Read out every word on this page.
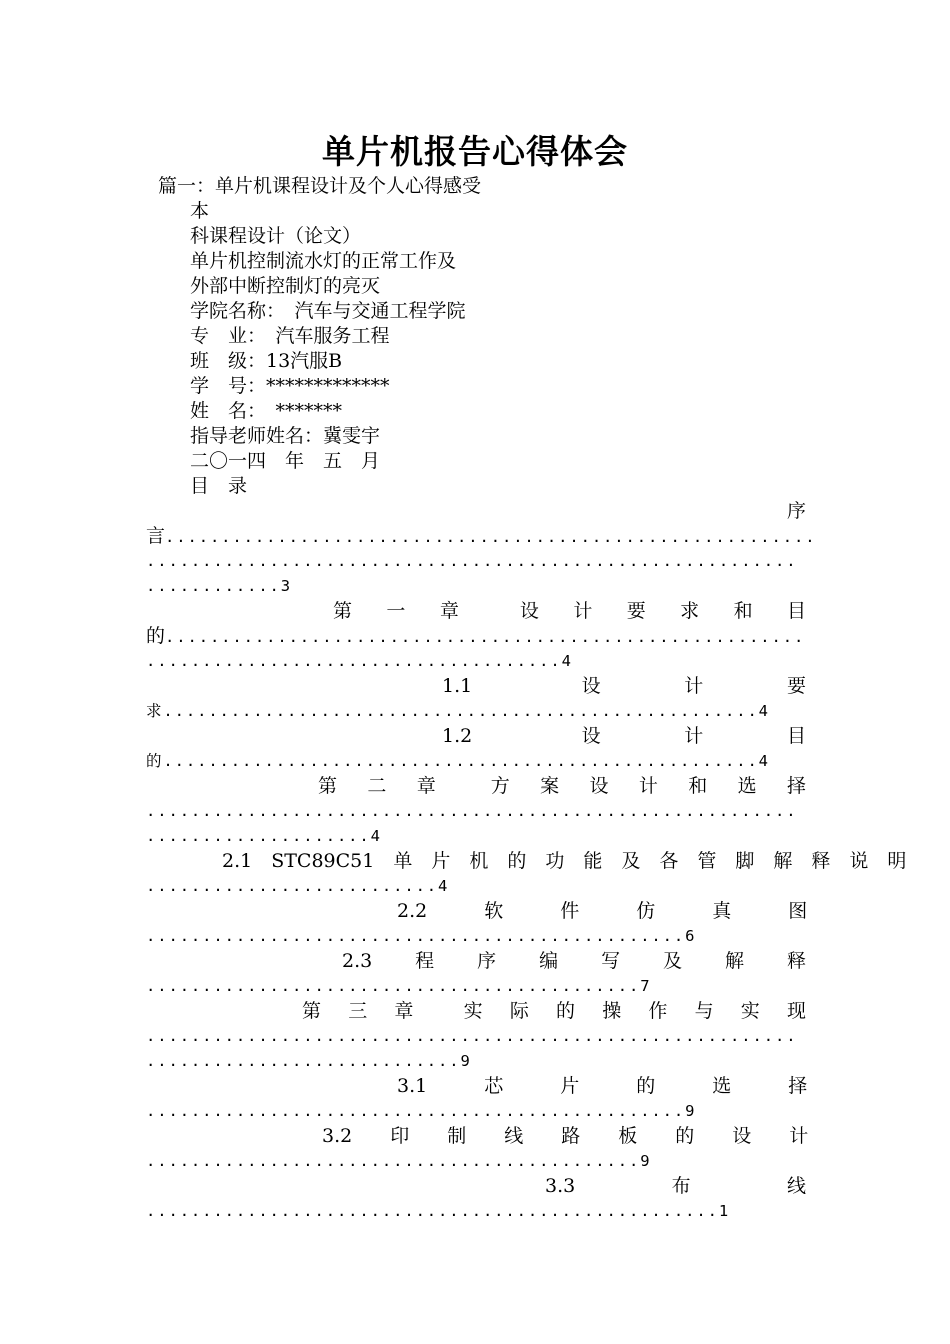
单片机报告心得体会
篇一：单片机课程设计及个人心得感受
本
科课程设计（论文）
单片机控制流水灯的正常工作及
外部中断控制灯的亮灭
学院名称：　汽车与交通工程学院
专　业：　汽车服务工程
班　级：13汽服B
学　号：*************
姓　名：　*******
指导老师姓名：冀雯宇
二〇一四　年　五　月
目　录
序
言..........................................................
..........................................................
............3
第　一　章　　设　计　要　求　和　目
的.........................................................
.....................................4
1.1　　　　设　　　计　　　要
求.....................................................4
1.2　　　　设　　　计　　　目
的.....................................................4
第　二　章　　方　案　设　计　和　选　择
..........................................................
....................4
2.1　STC89C51　单　片　机　的　功　能　及　各　管　脚　解　释　说　明
..........................4
2.2　　　软　　　件　　　仿　　　真　　　图
................................................6
2.3　　程　　序　　编　　写　　及　　解　　释
............................................7
第　三　章　　实　际　的　操　作　与　实　现
..........................................................
............................9
3.1　　　芯　　　片　　　的　　　选　　　择
................................................9
3.2　　印　　制　　线　　路　　板　　的　　设　　计
............................................9
3.3　　　　布　　　　线
...................................................1
